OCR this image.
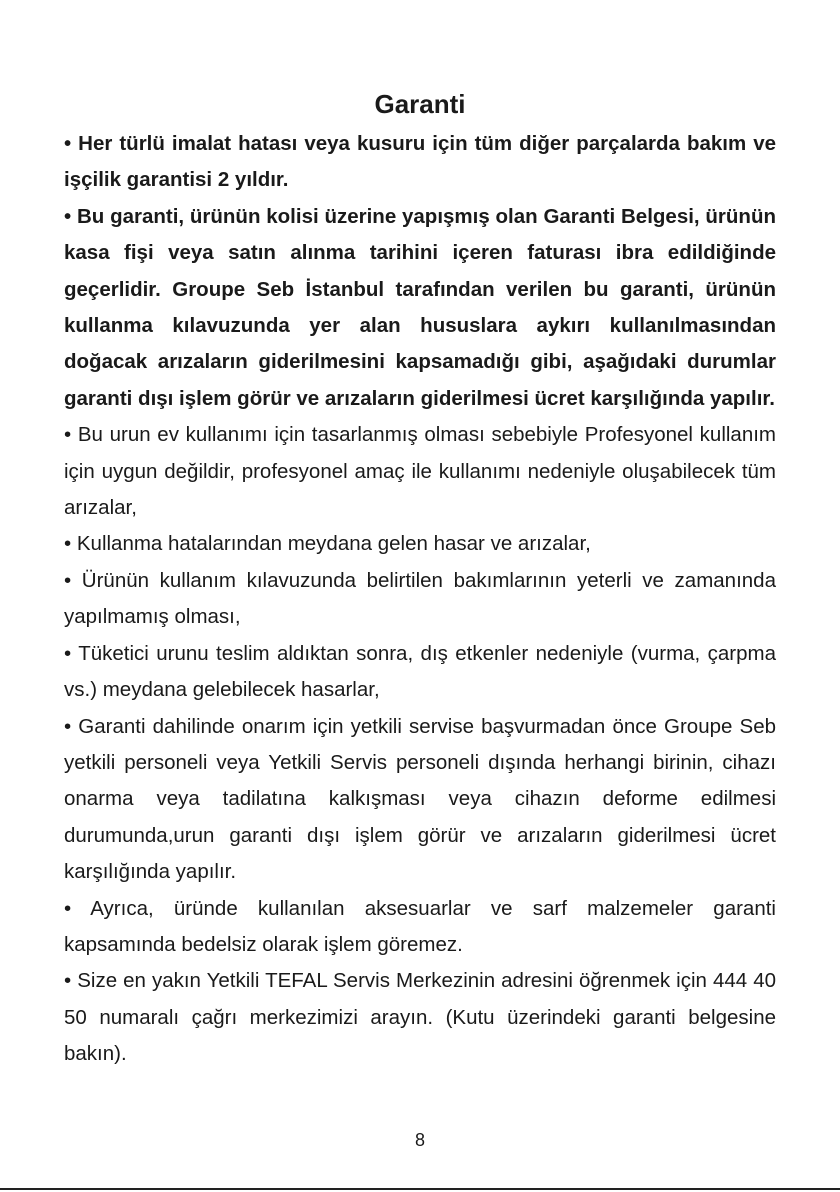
Garanti

• Her türlü imalat hatası veya kusuru için tüm diğer parçalarda bakım ve işçilik garantisi 2 yıldır.

• Bu garanti, ürünün kolisi üzerine yapışmış olan Garanti Belgesi, ürünün kasa fişi veya satın alınma tarihini içeren faturası ibra edildiğinde geçerlidir. Groupe Seb İstanbul tarafından verilen bu garanti, ürünün kullanma kılavuzunda yer alan hususlara aykırı kullanılmasından doğacak arızaların giderilmesini kapsamadığı gibi, aşağıdaki durumlar garanti dışı işlem görür ve arızaların giderilmesi ücret karşılığında yapılır.

• Bu urun ev kullanımı için tasarlanmış olması sebebiyle Profesyonel kullanım için uygun değildir, profesyonel amaç ile kullanımı nedeniyle oluşabilecek tüm arızalar,

• Kullanma hatalarından meydana gelen hasar ve arızalar,

• Ürünün kullanım kılavuzunda belirtilen bakımlarının yeterli ve zamanında yapılmamış olması,

• Tüketici urunu teslim aldıktan sonra, dış etkenler nedeniyle (vurma, çarpma vs.) meydana gelebilecek hasarlar,

• Garanti dahilinde onarım için yetkili servise başvurmadan önce Groupe Seb yetkili personeli veya Yetkili Servis personeli dışında herhangi birinin, cihazı onarma veya tadilatına kalkışması veya cihazın deforme edilmesi durumunda,urun garanti dışı işlem görür ve arızaların giderilmesi ücret karşılığında yapılır.

• Ayrıca, üründe kullanılan aksesuarlar ve sarf malzemeler garanti kapsamında bedelsiz olarak işlem göremez.

• Size en yakın Yetkili TEFAL Servis Merkezinin adresini öğrenmek için 444 40 50 numaralı çağrı merkezimizi arayın. (Kutu üzerindeki garanti belgesine bakın).

8
